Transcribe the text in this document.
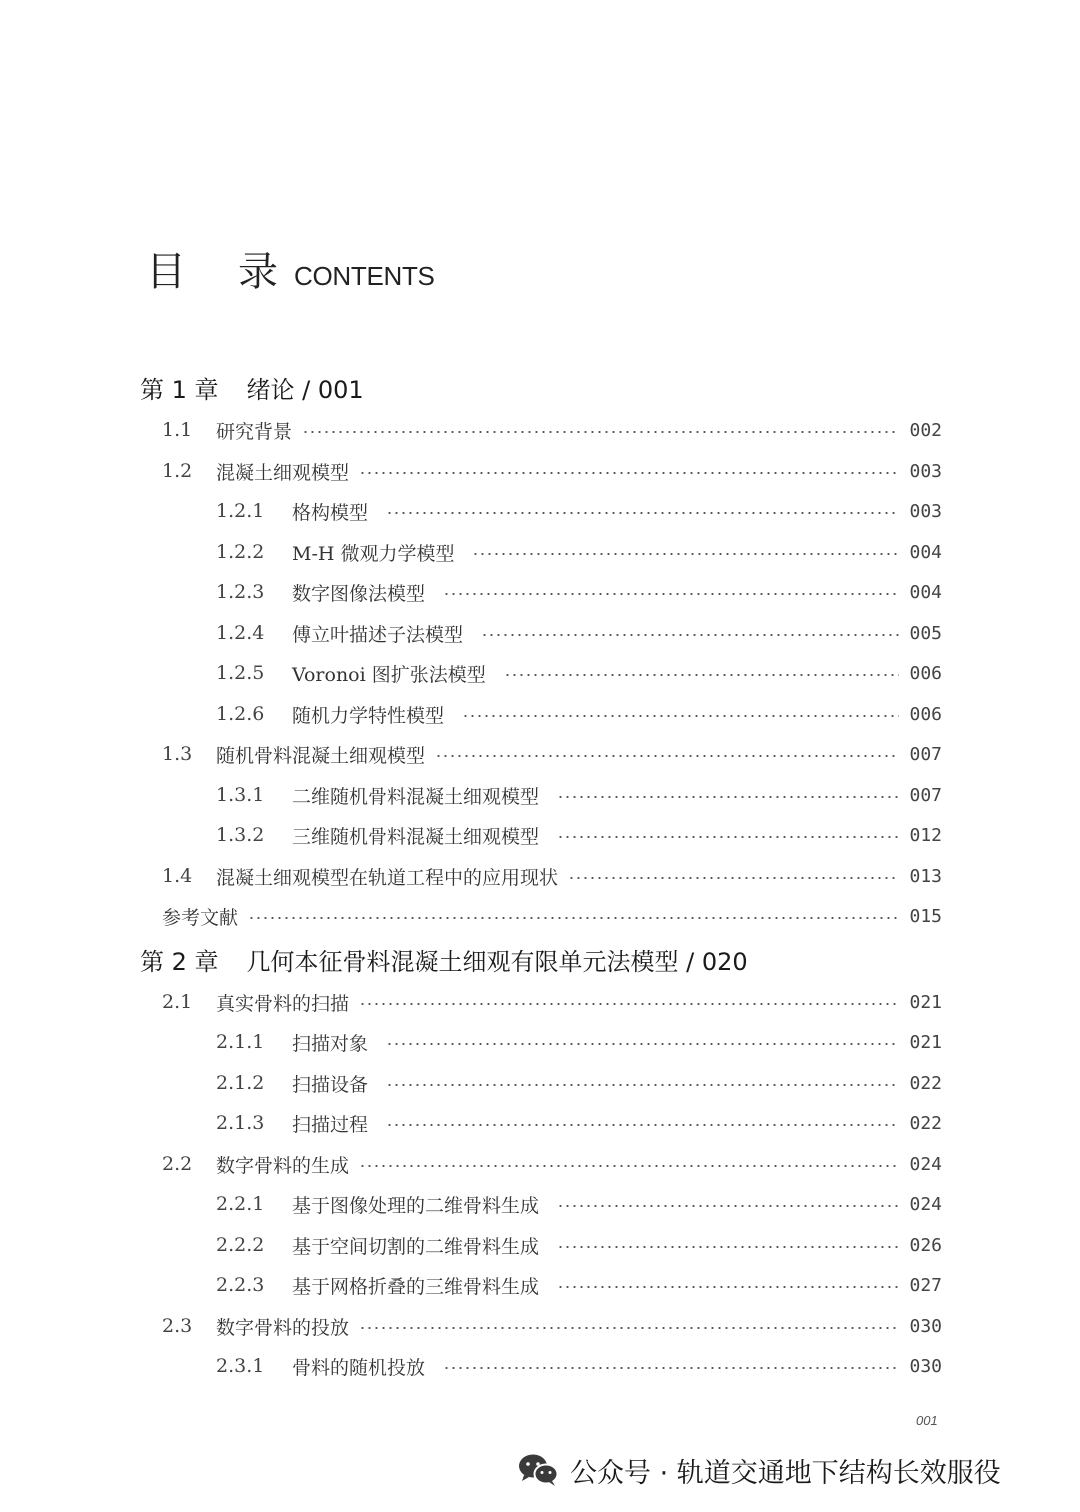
目 录 CONTENTS
第 1 章 绪论 / 001
1.1	研究背景	002
1.2	混凝土细观模型	003
1.2.1	格构模型	003
1.2.2	M-H 微观力学模型	004
1.2.3	数字图像法模型	004
1.2.4	傅立叶描述子法模型	005
1.2.5	Voronoi 图扩张法模型	006
1.2.6	随机力学特性模型	006
1.3	随机骨料混凝土细观模型	007
1.3.1	二维随机骨料混凝土细观模型	007
1.3.2	三维随机骨料混凝土细观模型	012
1.4	混凝土细观模型在轨道工程中的应用现状	013
参考文献	015
第 2 章 几何本征骨料混凝土细观有限单元法模型 / 020
2.1	真实骨料的扫描	021
2.1.1	扫描对象	021
2.1.2	扫描设备	022
2.1.3	扫描过程	022
2.2	数字骨料的生成	024
2.2.1	基于图像处理的二维骨料生成	024
2.2.2	基于空间切割的二维骨料生成	026
2.2.3	基于网格折叠的三维骨料生成	027
2.3	数字骨料的投放	030
2.3.1	骨料的随机投放	030
001
公众号 · 轨道交通地下结构长效服役
